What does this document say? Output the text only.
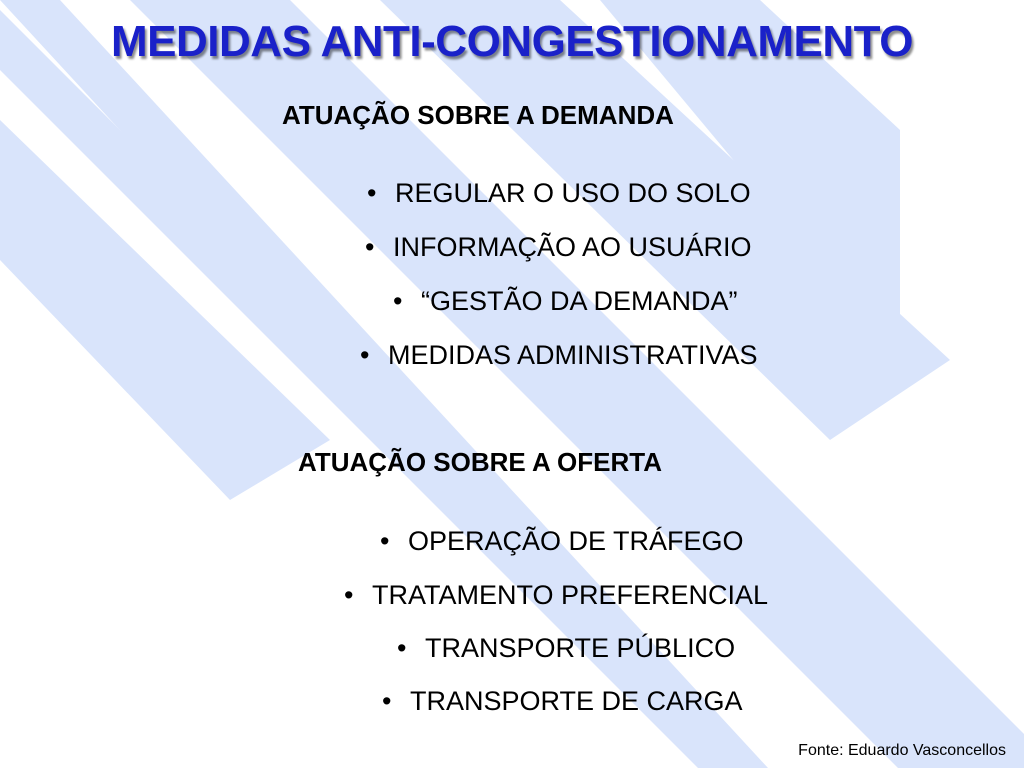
MEDIDAS ANTI-CONGESTIONAMENTO
ATUAÇÃO SOBRE A DEMANDA

• REGULAR O USO DO SOLO

• INFORMAÇÃO AO USUÁRIO

• “GESTÃO DA DEMANDA”

• MEDIDAS ADMINISTRATIVAS

ATUAÇÃO SOBRE A OFERTA

• OPERAÇÃO DE TRÁFEGO

• TRATAMENTO PREFERENCIAL

• TRANSPORTE PÚBLICO

• TRANSPORTE DE CARGA

Fonte: Eduardo Vasconcellos
